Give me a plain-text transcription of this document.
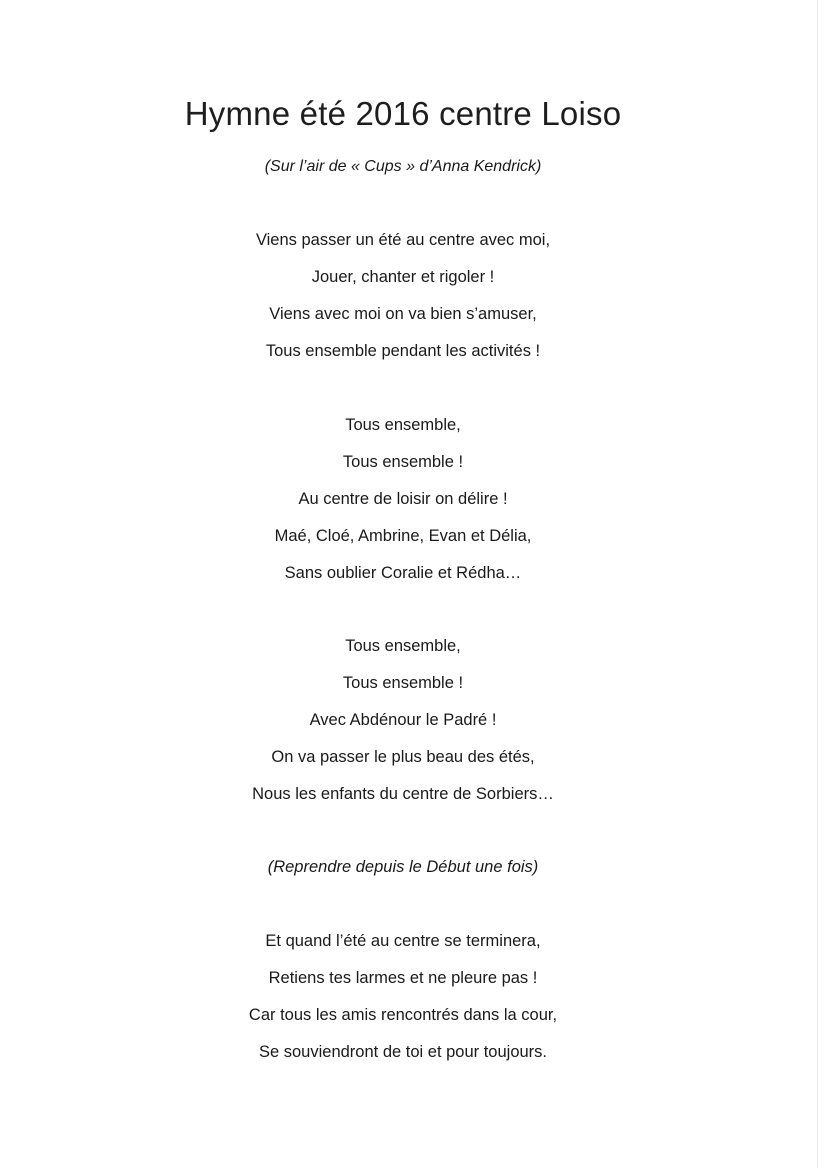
Hymne été 2016 centre Loiso
(Sur l’air de « Cups » d’Anna Kendrick)
Viens passer un été au centre avec moi,
Jouer, chanter et rigoler !
Viens avec moi on va bien s’amuser,
Tous ensemble pendant les activités !
Tous ensemble,
Tous ensemble !
Au centre de loisir on délire !
Maé, Cloé, Ambrine, Evan et Délia,
Sans oublier Coralie et Rédha…
Tous ensemble,
Tous ensemble !
Avec Abdénour le Padré !
On va passer le plus beau des étés,
Nous les enfants du centre de Sorbiers…
(Reprendre depuis le Début une fois)
Et quand l’été au centre se terminera,
Retiens tes larmes et ne pleure pas !
Car tous les amis rencontrés dans la cour,
Se souviendront de toi et pour toujours.
